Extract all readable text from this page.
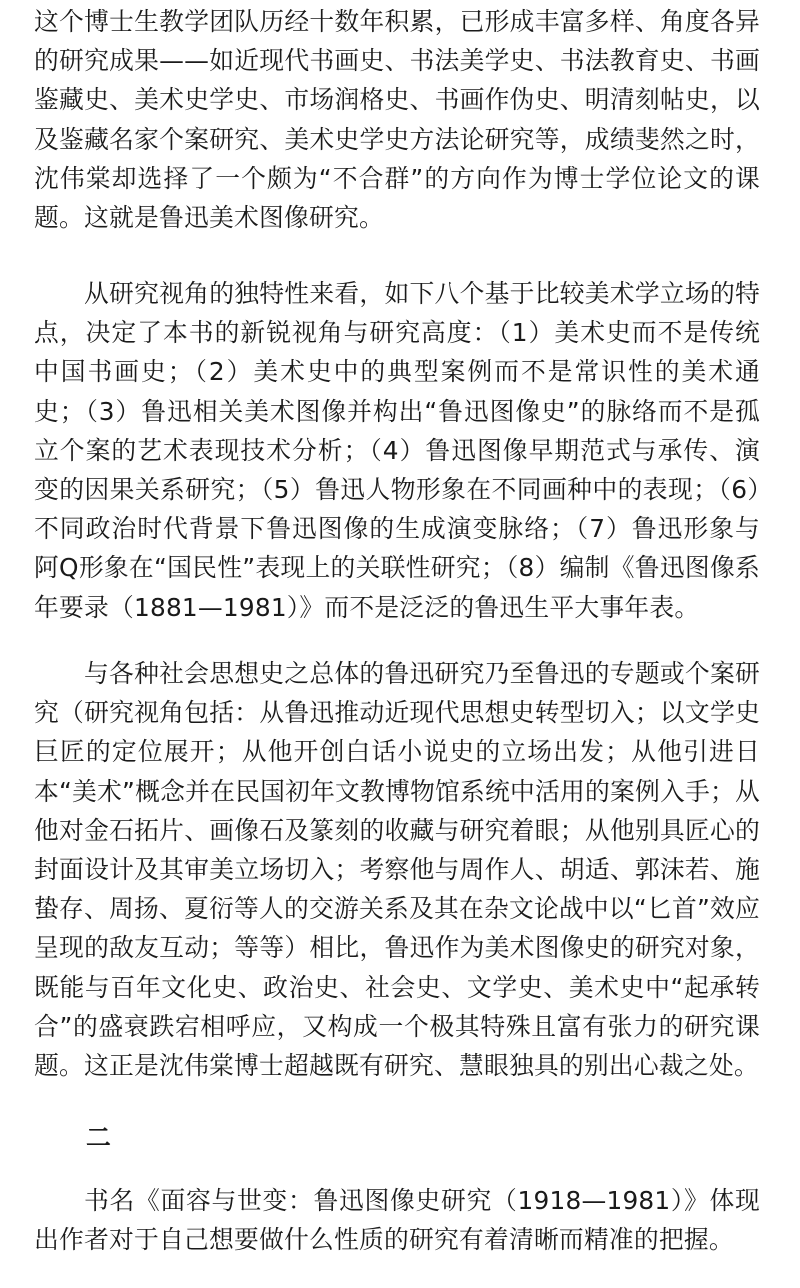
这个博士生教学团队历经十数年积累，已形成丰富多样、角度各异的研究成果——如近现代书画史、书法美学史、书法教育史、书画鉴藏史、美术史学史、市场润格史、书画作伪史、明清刻帖史，以及鉴藏名家个案研究、美术史学史方法论研究等，成绩斐然之时，沈伟棠却选择了一个颇为“不合群”的方向作为博士学位论文的课题。这就是鲁迅美术图像研究。

从研究视角的独特性来看，如下八个基于比较美术学立场的特点，决定了本书的新锐视角与研究高度：（1）美术史而不是传统中国书画史；（2）美术史中的典型案例而不是常识性的美术通史；（3）鲁迅相关美术图像并构出“鲁迅图像史”的脉络而不是孤立个案的艺术表现技术分析；（4）鲁迅图像早期范式与承传、演变的因果关系研究；（5）鲁迅人物形象在不同画种中的表现；（6）不同政治时代背景下鲁迅图像的生成演变脉络；（7）鲁迅形象与阿Q形象在“国民性”表现上的关联性研究；（8）编制《鲁迅图像系年要录（1881—1981）》而不是泛泛的鲁迅生平大事年表。

与各种社会思想史之总体的鲁迅研究乃至鲁迅的专题或个案研究（研究视角包括：从鲁迅推动近现代思想史转型切入；以文学史巨匠的定位展开；从他开创白话小说史的立场出发；从他引进日本“美术”概念并在民国初年文教博物馆系统中活用的案例入手；从他对金石拓片、画像石及篆刻的收藏与研究着眼；从他别具匠心的封面设计及其审美立场切入；考察他与周作人、胡适、郭沫若、施蛰存、周扬、夏衍等人的交游关系及其在杂文论战中以“匕首”效应呈现的敌友互动；等等）相比，鲁迅作为美术图像史的研究对象，既能与百年文化史、政治史、社会史、文学史、美术史中“起承转合”的盛衰跌宕相呼应，又构成一个极其特殊且富有张力的研究课题。这正是沈伟棠博士超越既有研究、慧眼独具的别出心裁之处。

二

书名《面容与世变：鲁迅图像史研究（1918—1981）》体现出作者对于自己想要做什么性质的研究有着清晰而精准的把握。
